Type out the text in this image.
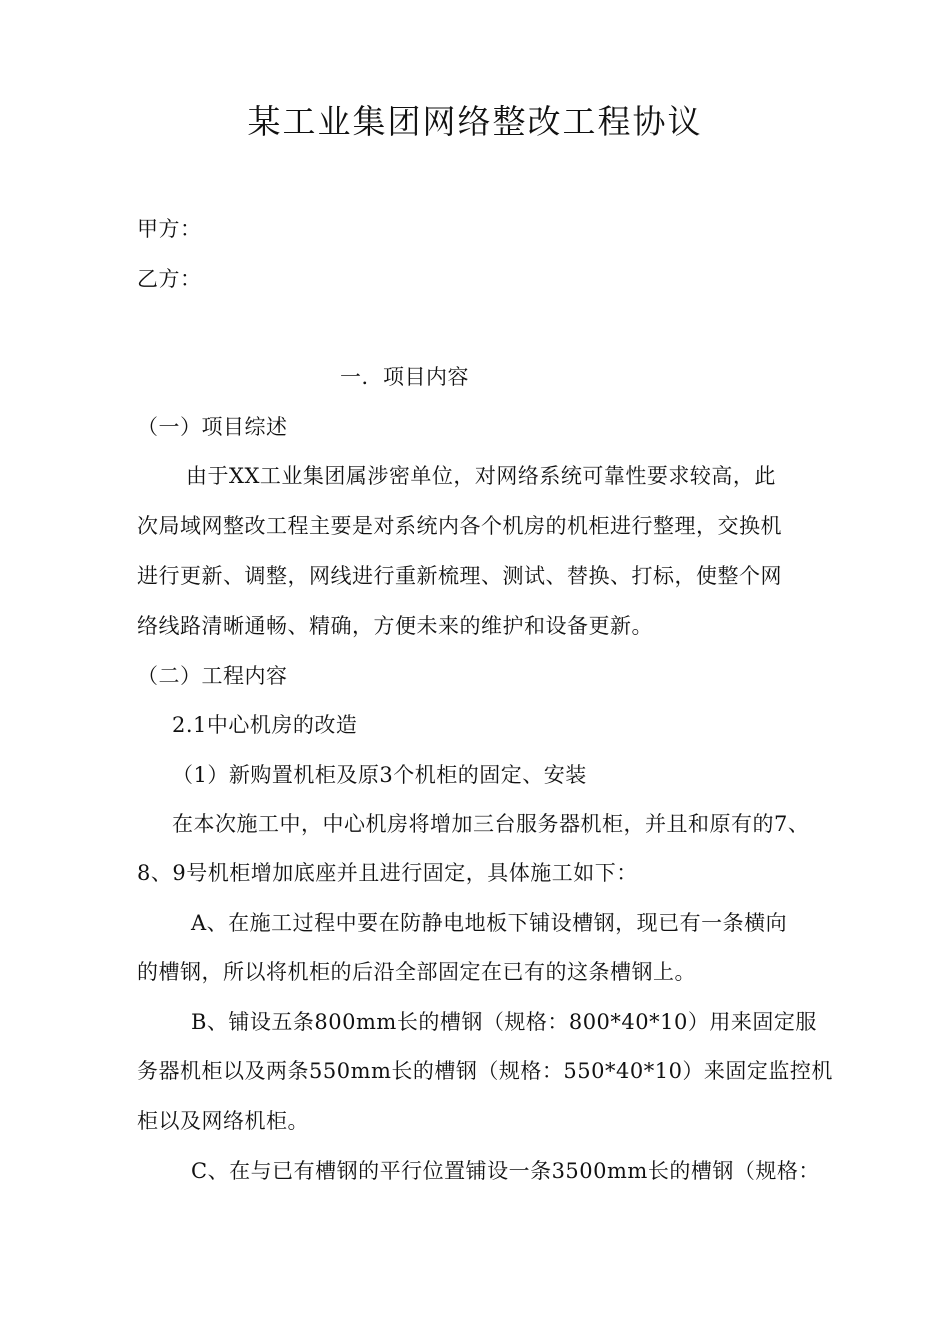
某工业集团网络整改工程协议
甲方：
乙方：
一．项目内容
（一）项目综述
由于XX工业集团属涉密单位，对网络系统可靠性要求较高，此
次局域网整改工程主要是对系统内各个机房的机柜进行整理，交换机
进行更新、调整，网线进行重新梳理、测试、替换、打标，使整个网
络线路清晰通畅、精确，方便未来的维护和设备更新。
（二）工程内容
2.1中心机房的改造
（1）新购置机柜及原3个机柜的固定、安装
在本次施工中，中心机房将增加三台服务器机柜，并且和原有的7、
8、9号机柜增加底座并且进行固定，具体施工如下：
A、在施工过程中要在防静电地板下铺设槽钢，现已有一条横向
的槽钢，所以将机柜的后沿全部固定在已有的这条槽钢上。
B、铺设五条800mm长的槽钢（规格：800*40*10）用来固定服
务器机柜以及两条550mm长的槽钢（规格：550*40*10）来固定监控机
柜以及网络机柜。
C、在与已有槽钢的平行位置铺设一条3500mm长的槽钢（规格：
